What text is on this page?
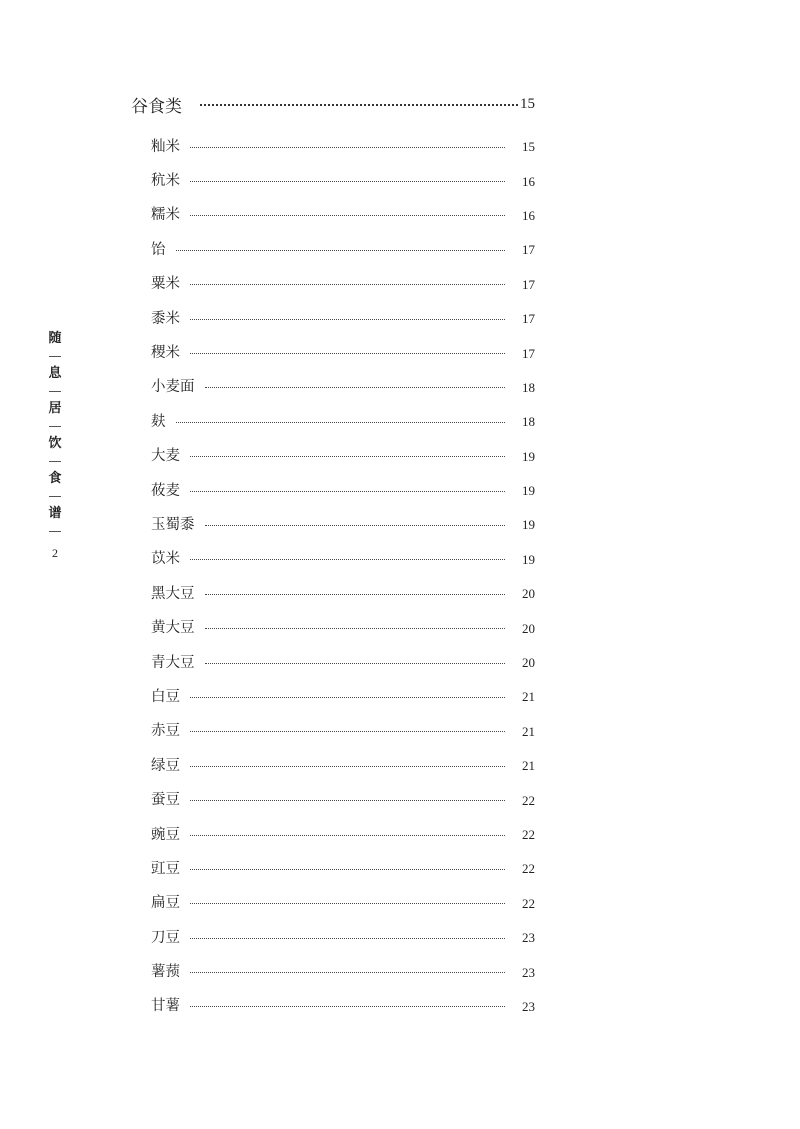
随
息
居
饮
食
谱
2
谷食类	15
籼米	15
秔米	16
糯米	16
饴	17
粟米	17
黍米	17
稷米	17
小麦面	18
麸	18
大麦	19
莜麦	19
玉蜀黍	19
苡米	19
黑大豆	20
黄大豆	20
青大豆	20
白豆	21
赤豆	21
绿豆	21
蚕豆	22
豌豆	22
豇豆	22
扁豆	22
刀豆	23
薯蓣	23
甘薯	23
